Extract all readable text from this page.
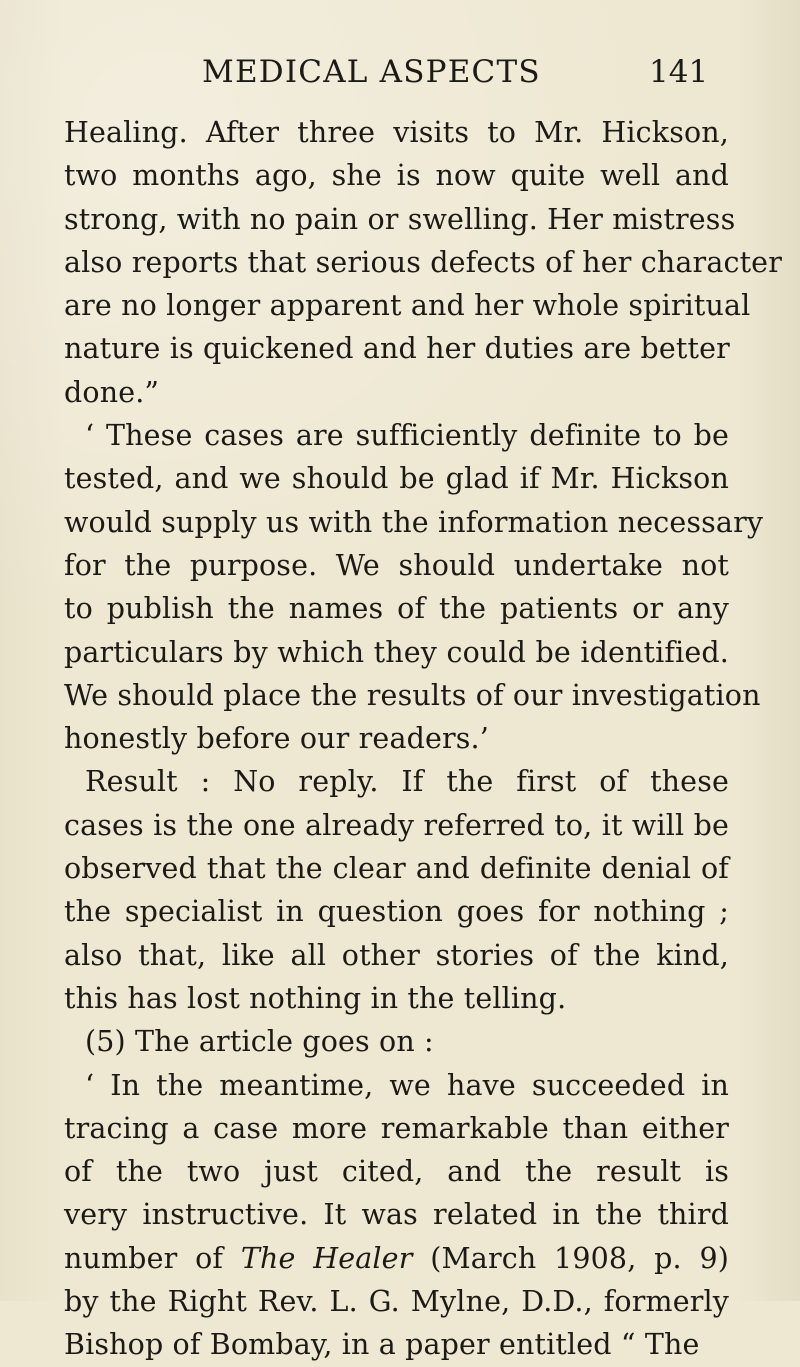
MEDICAL ASPECTS	141
Healing. After three visits to Mr. Hickson,
two months ago, she is now quite well and
strong, with no pain or swelling. Her mistress
also reports that serious defects of her character
are no longer apparent and her whole spiritual
nature is quickened and her duties are better
done.”
‘ These cases are sufficiently definite to be
tested, and we should be glad if Mr. Hickson
would supply us with the information necessary
for the purpose. We should undertake not
to publish the names of the patients or any
particulars by which they could be identified.
We should place the results of our investigation
honestly before our readers.’
Result : No reply. If the first of these
cases is the one already referred to, it will be
observed that the clear and definite denial of
the specialist in question goes for nothing ;
also that, like all other stories of the kind,
this has lost nothing in the telling.
(5) The article goes on :
‘ In the meantime, we have succeeded in
tracing a case more remarkable than either
of the two just cited, and the result is
very instructive. It was related in the third
number of The Healer (March 1908, p. 9)
by the Right Rev. L. G. Mylne, D.D., formerly
Bishop of Bombay, in a paper entitled “ The
